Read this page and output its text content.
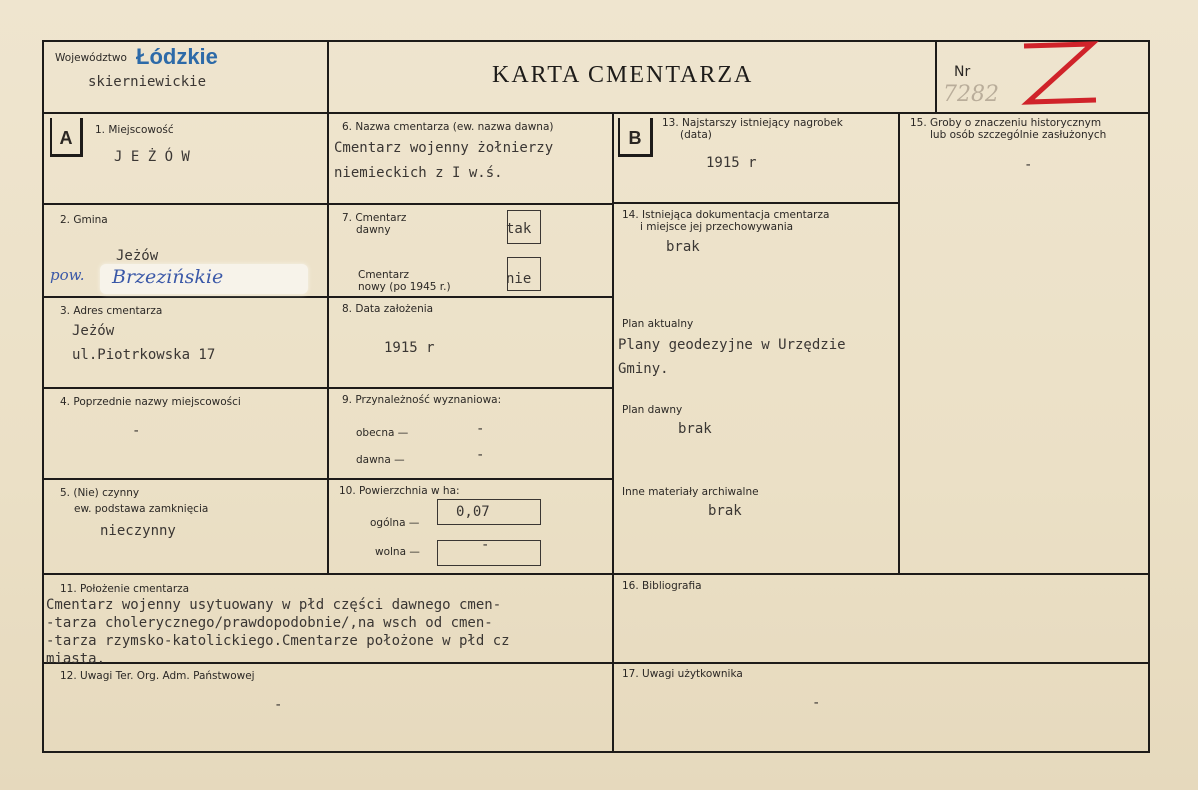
Województwo Łódzkie
skierniewickie	KARTA CMENTARZA	Nr
7282
A	B
1. Miejscowość
J E Ż Ó W
2. Gmina
Jeżów
pow. Brzezińskie
3. Adres cmentarza
Jeżów
ul.Piotrkowska 17
4. Poprzednie nazwy miejscowości
-
5. (Nie) czynny
ew. podstawa zamknięcia
nieczynny
6. Nazwa cmentarza (ew. nazwa dawna)
Cmentarz wojenny żołnierzy
niemieckich z I w.ś.
7. Cmentarz
dawny	tak
Cmentarz
nowy (po 1945 r.)	nie
8. Data założenia
1915 r
9. Przynależność wyznaniowa:
obecna —	-
dawna —	-
10. Powierzchnia w ha:
ogólna —
0,07
wolna —	-
13. Najstarszy istniejący nagrobek
(data)
1915 r
14. Istniejąca dokumentacja cmentarza
i miejsce jej przechowywania
brak
Plan aktualny
Plany geodezyjne w Urzędzie
Gminy.
Plan dawny
brak
Inne materiały archiwalne
brak
15. Groby o znaczeniu historycznym
lub osób szczególnie zasłużonych
-
11. Położenie cmentarza
Cmentarz wojenny usytuowany w płd części dawnego cmen-
-tarza cholerycznego/prawdopodobnie/,na wsch od cmen-
-tarza rzymsko-katolickiego.Cmentarze położone w płd cz
miasta.
12. Uwagi Ter. Org. Adm. Państwowej
-
16. Bibliografia
17. Uwagi użytkownika
-
